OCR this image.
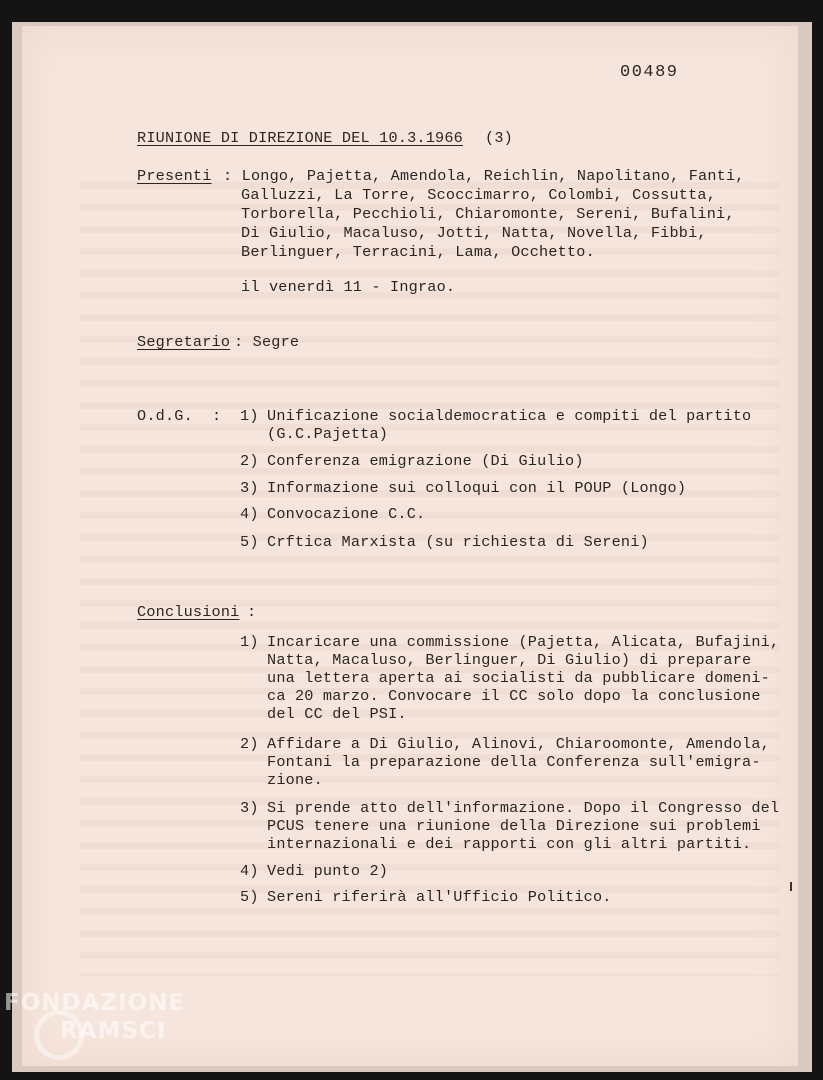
00489
RIUNIONE DI DIREZIONE DEL 10.3.1966 (3)
Presenti : Longo, Pajetta, Amendola, Reichlin, Napolitano, Fanti,
Galluzzi, La Torre, Scoccimarro, Colombi, Cossutta,
Torborella, Pecchioli, Chiaromonte, Sereni, Bufalini,
Di Giulio, Macaluso, Jotti, Natta, Novella, Fibbi,
Berlinguer, Terracini, Lama, Occhetto.
il venerdì 11 - Ingrao.
Segretario : Segre
O.d.G. : 1) Unificazione socialdemocratica e compiti del partito
(G.C.Pajetta)
2) Conferenza emigrazione (Di Giulio)
3) Informazione sui colloqui con il POUP (Longo)
4) Convocazione C.C.
5) Crftica Marxista (su richiesta di Sereni)
Conclusioni :
1) Incaricare una commissione (Pajetta, Alicata, Bufajini,
Natta, Macaluso, Berlinguer, Di Giulio) di preparare
una lettera aperta ai socialisti da pubblicare domeni-
ca 20 marzo. Convocare il CC solo dopo la conclusione
del CC del PSI.
2) Affidare a Di Giulio, Alinovi, Chiaroomonte, Amendola,
Fontani la preparazione della Conferenza sull'emigra-
zione.
3) Si prende atto dell'informazione. Dopo il Congresso del
PCUS tenere una riunione della Direzione sui problemi
internazionali e dei rapporti con gli altri partiti.
4) Vedi punto 2)
5) Sereni riferirà all'Ufficio Politico.
FONDAZIONE
RAMSCI
